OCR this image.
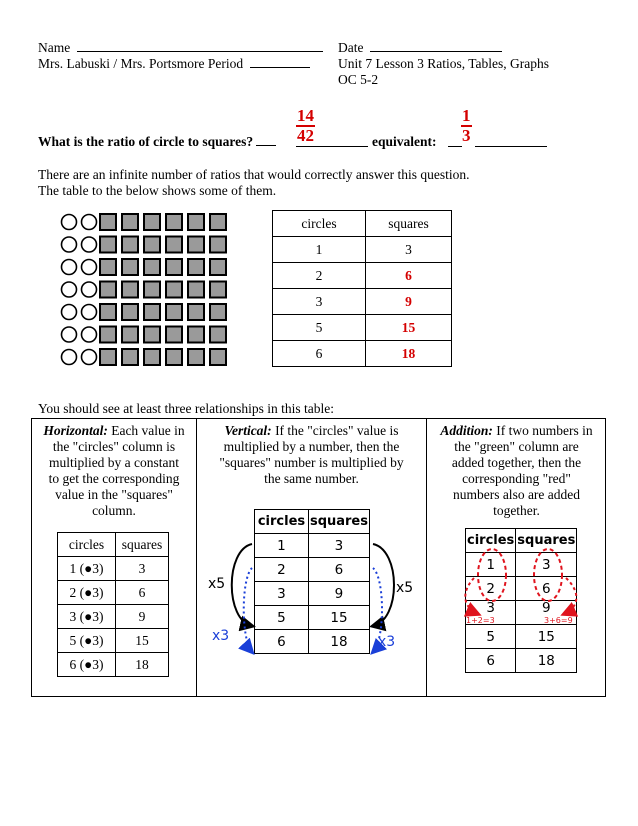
Name	Date
Mrs. Labuski / Mrs. Portsmore Period	Unit 7 Lesson 3 Ratios, Tables, Graphs
OC 5-2
What is the ratio of circle to squares?	$\frac{14}{42}$	equivalent: $\frac{1}{3}$
There are an infinite number of ratios that would correctly answer this question.
The table to the below shows some of them.
circles	squares
1	3
2	6
3	9
5	15
6	18
You should see at least three relationships in this table:
Horizontal: Each value in
the "circles" column is
multiplied by a constant
to get the corresponding
value in the "squares"
column.
circles	squares
1 (●3)	3
2 (●3)	6
3 (●3)	9
5 (●3)	15
6 (●3)	18
Vertical: If the "circles" value is
multiplied by a number, then the
"squares" number is multiplied by
the same number.
circles	squares
1	3
2	6
3	9
5	15
6	18
x5
x3
x5
x3
Addition: If two numbers in
the "green" column are
added together, then the
corresponding "red"
numbers also are added
together.
circles	squares
1	3
2	6
3	9
5	15
6	18
1+2=3	3+6=9
